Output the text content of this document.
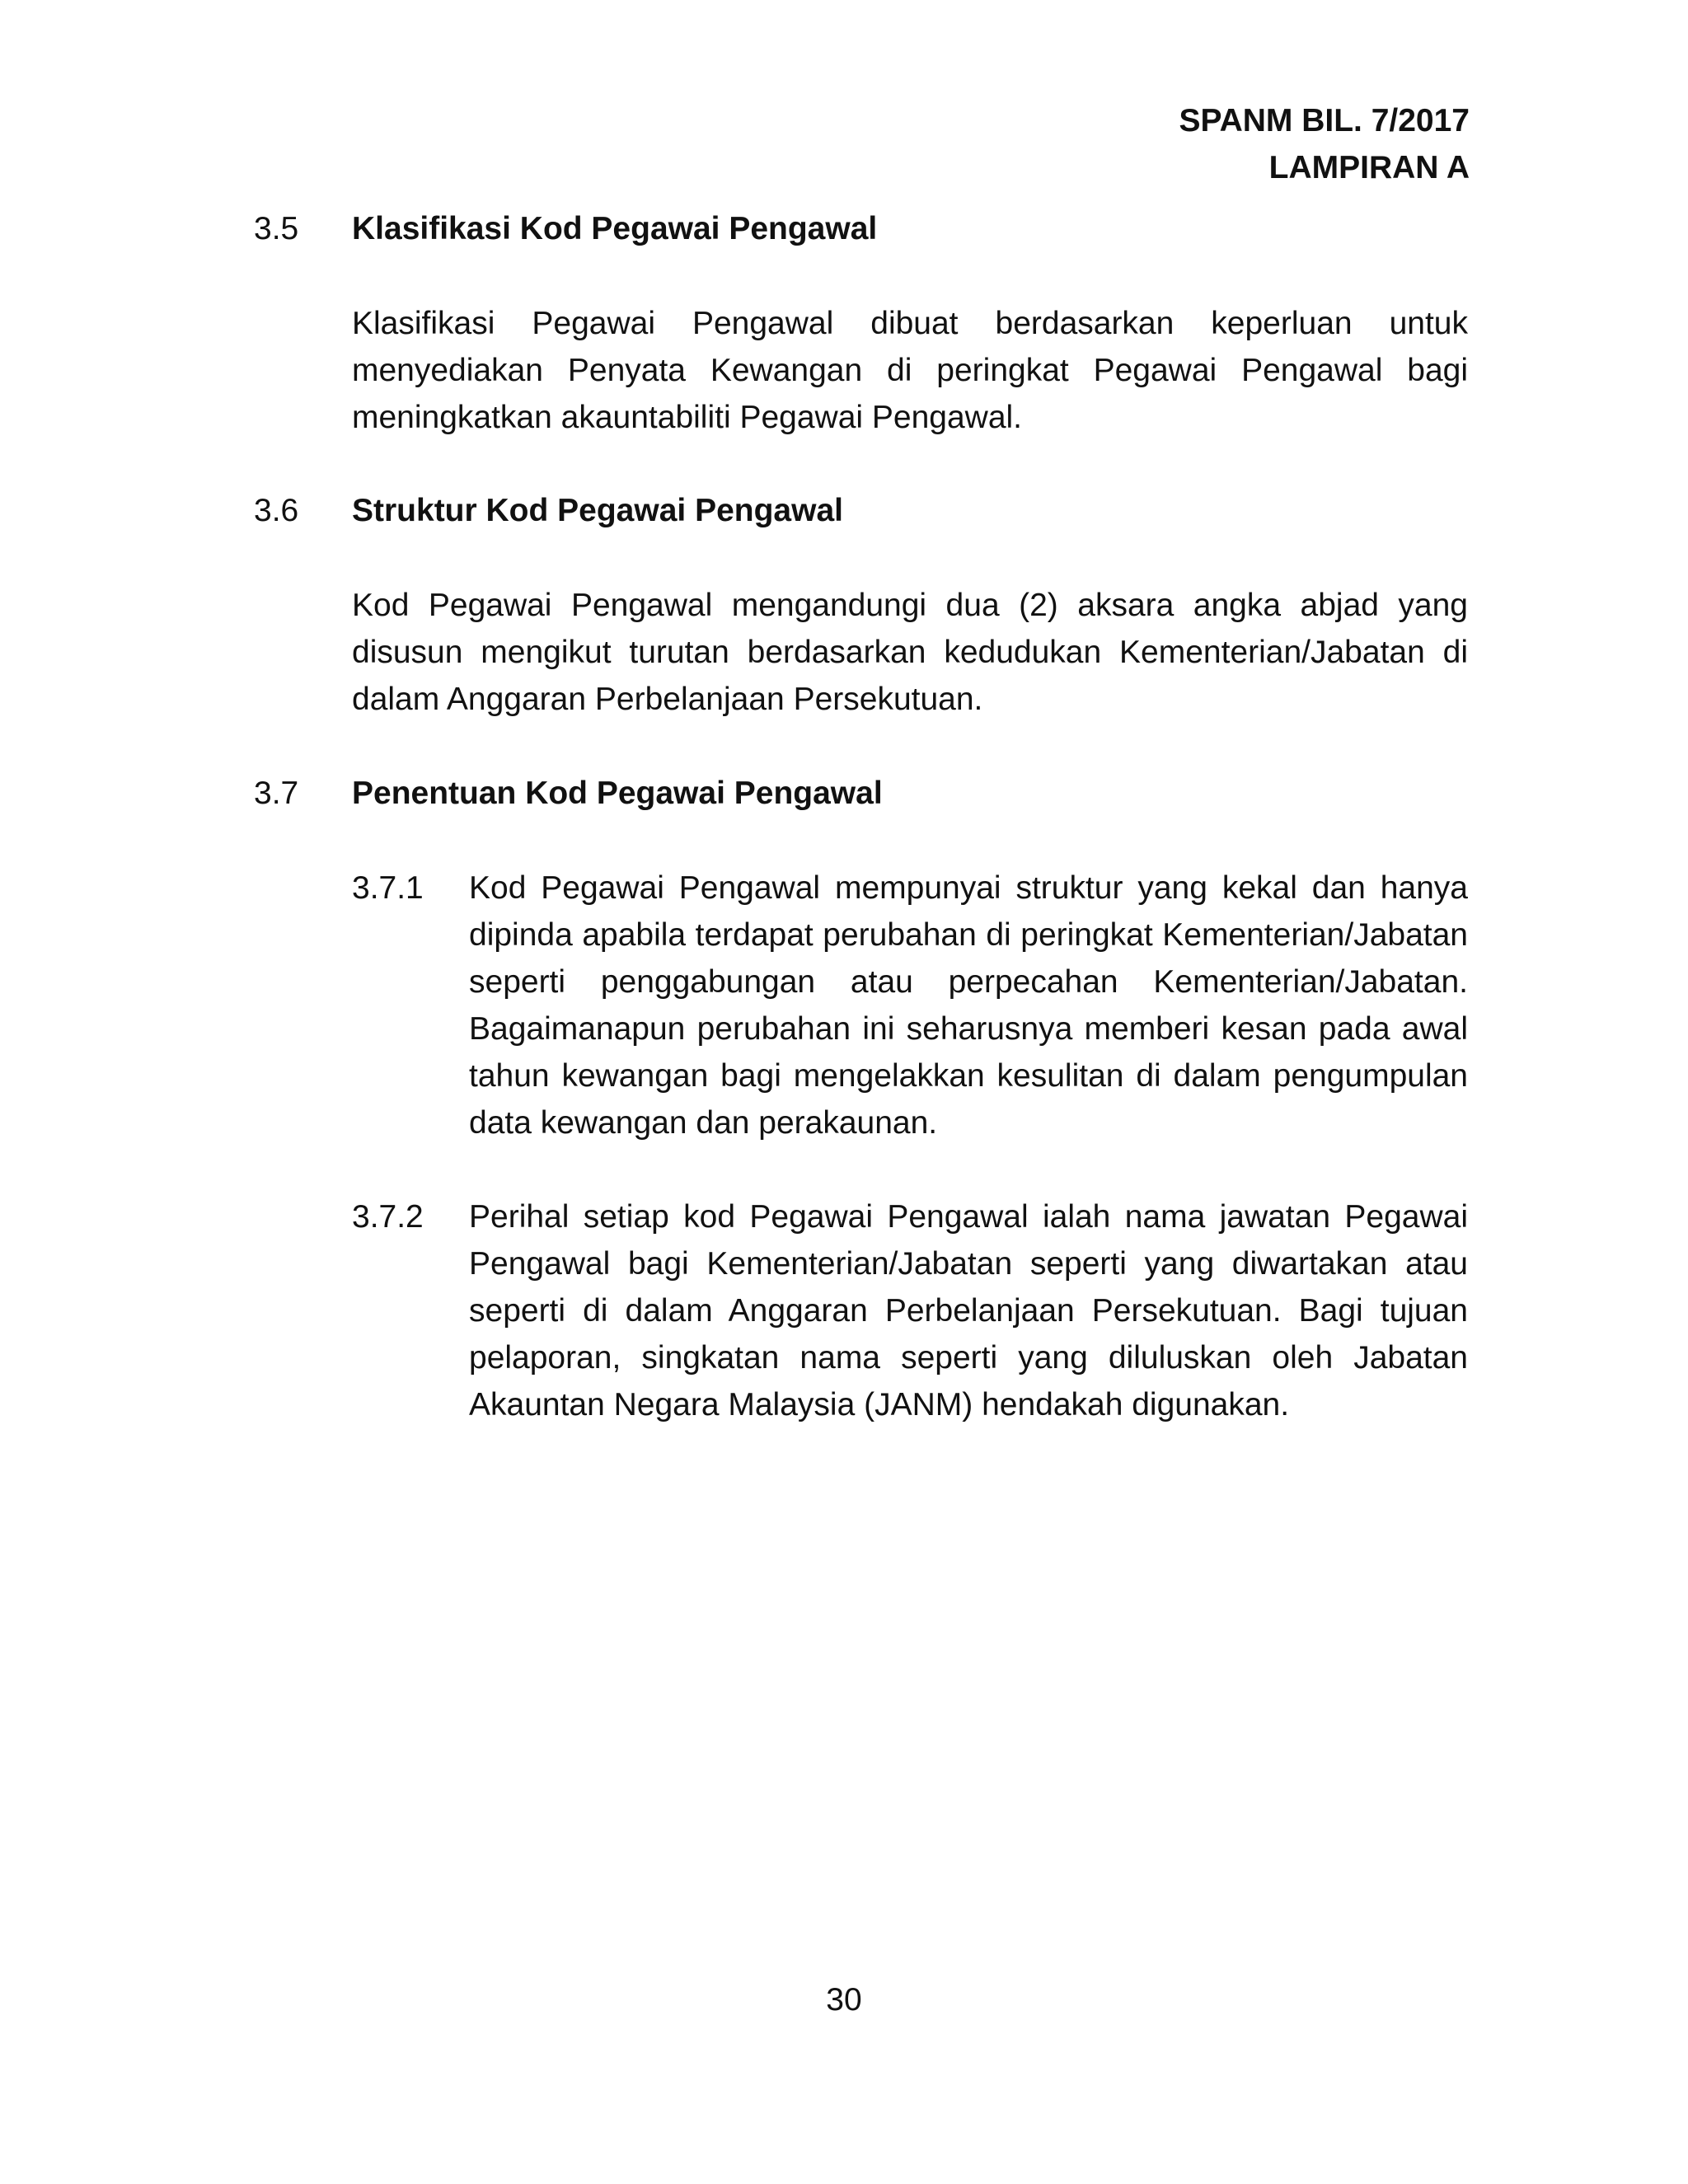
SPANM BIL. 7/2017
LAMPIRAN A
3.5	Klasifikasi Kod Pegawai Pengawal
Klasifikasi Pegawai Pengawal dibuat berdasarkan keperluan untuk menyediakan Penyata Kewangan di peringkat Pegawai Pengawal bagi meningkatkan akauntabiliti Pegawai Pengawal.
3.6	Struktur Kod Pegawai Pengawal
Kod Pegawai Pengawal mengandungi dua (2) aksara angka abjad yang disusun mengikut turutan berdasarkan kedudukan Kementerian/Jabatan di dalam Anggaran Perbelanjaan Persekutuan.
3.7	Penentuan Kod Pegawai Pengawal
3.7.1	Kod Pegawai Pengawal mempunyai struktur yang kekal dan hanya dipinda apabila terdapat perubahan di peringkat Kementerian/Jabatan seperti penggabungan atau perpecahan Kementerian/Jabatan. Bagaimanapun perubahan ini seharusnya memberi kesan pada awal tahun kewangan bagi mengelakkan kesulitan di dalam pengumpulan data kewangan dan perakaunan.
3.7.2	Perihal setiap kod Pegawai Pengawal ialah nama jawatan Pegawai Pengawal bagi Kementerian/Jabatan seperti yang diwartakan atau seperti di dalam Anggaran Perbelanjaan Persekutuan. Bagi tujuan pelaporan, singkatan nama seperti yang diluluskan oleh Jabatan Akauntan Negara Malaysia (JANM) hendakah digunakan.
30
